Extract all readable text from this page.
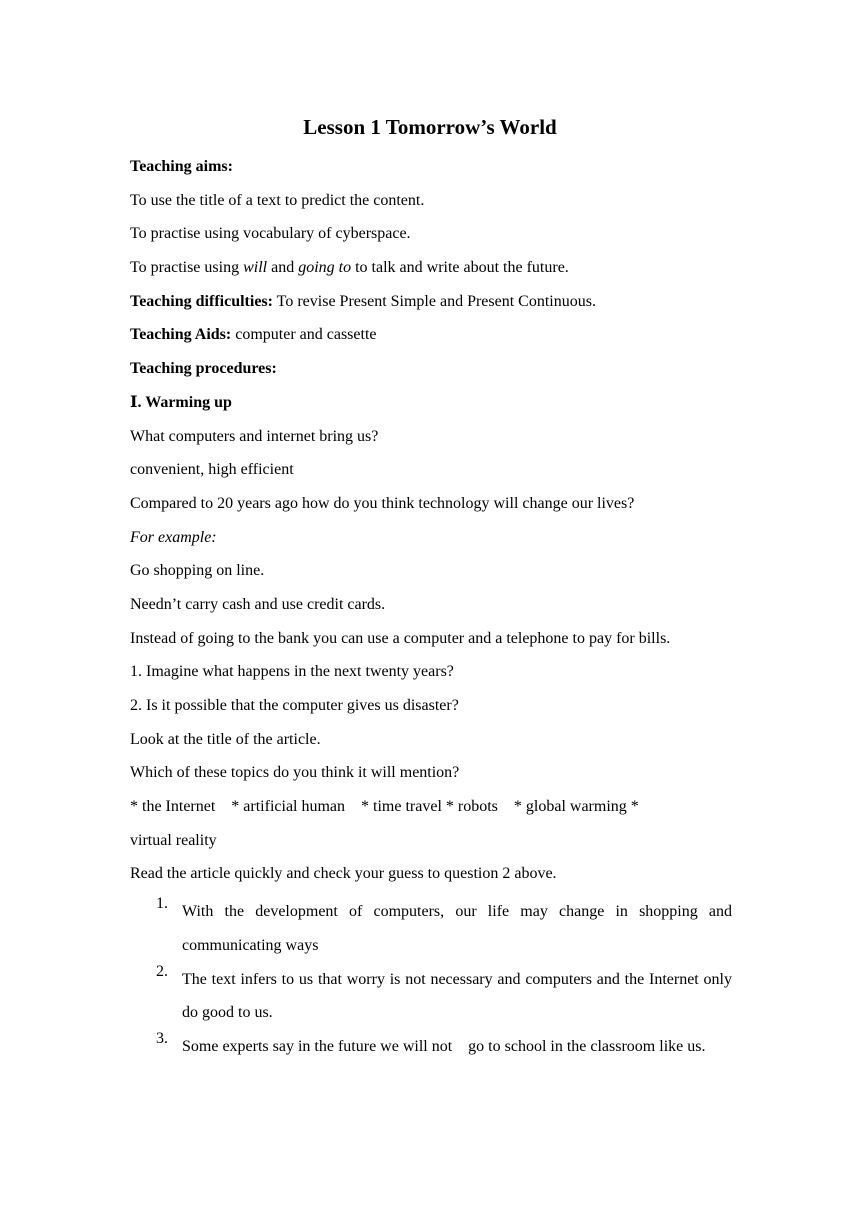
Lesson 1 Tomorrow’s World
Teaching aims:
To use the title of a text to predict the content.
To practise using vocabulary of cyberspace.
To practise using will and going to to talk and write about the future.
Teaching difficulties: To revise Present Simple and Present Continuous.
Teaching Aids: computer and cassette
Teaching procedures:
Ⅰ. Warming up
What computers and internet bring us?
convenient, high efficient
Compared to 20 years ago how do you think technology will change our lives?
For example:
Go shopping on line.
Needn’t carry cash and use credit cards.
Instead of going to the bank you can use a computer and a telephone to pay for bills.
1. Imagine what happens in the next twenty years?
2. Is it possible that the computer gives us disaster?
Look at the title of the article.
Which of these topics do you think it will mention?
* the Internet    * artificial human    * time travel * robots    * global warming *
virtual reality
Read the article quickly and check your guess to question 2 above.
1. With the development of computers, our life may change in shopping and communicating ways
2. The text infers to us that worry is not necessary and computers and the Internet only do good to us.
3. Some experts say in the future we will not    go to school in the classroom like us.
